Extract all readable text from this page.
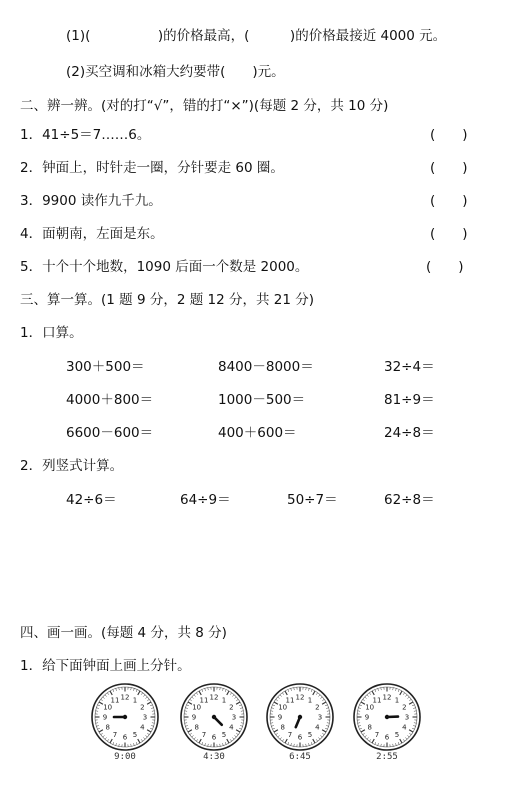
(1)(　　　　　)的价格最高，(　　　)的价格最接近 4000 元。
(2)买空调和冰箱大约要带(　　)元。
二、辨一辨。(对的打“√”，错的打“×”)(每题 2 分，共 10 分)
1．41÷5＝7……6。	(　　)
2．钟面上，时针走一圈，分针要走 60 圈。	(　　)
3．9900 读作九千九。	(　　)
4．面朝南，左面是东。	(　　)
5．十个十个地数，1090 后面一个数是 2000。	(　　)
三、算一算。(1 题 9 分，2 题 12 分，共 21 分)
1．口算。
300＋500＝	8400－8000＝	32÷4＝
4000＋800＝	1000－500＝	81÷9＝
6600－600＝	400＋600＝	24÷8＝
2．列竖式计算。
42÷6＝	64÷9＝	50÷7＝	62÷8＝
四、画一画。(每题 4 分，共 8 分)
1．给下面钟面上画上分针。
1
2
3
4
5
6
7
8
9
10
11 12
9:00
1
2
3
4
5
6
7
8
9
10
11 12
4:30
1
2
3
4
5
6
7
8
9
10
11 12
6:45
1
2
3
4
5
6
7
8
9
10
11 12
2:55
